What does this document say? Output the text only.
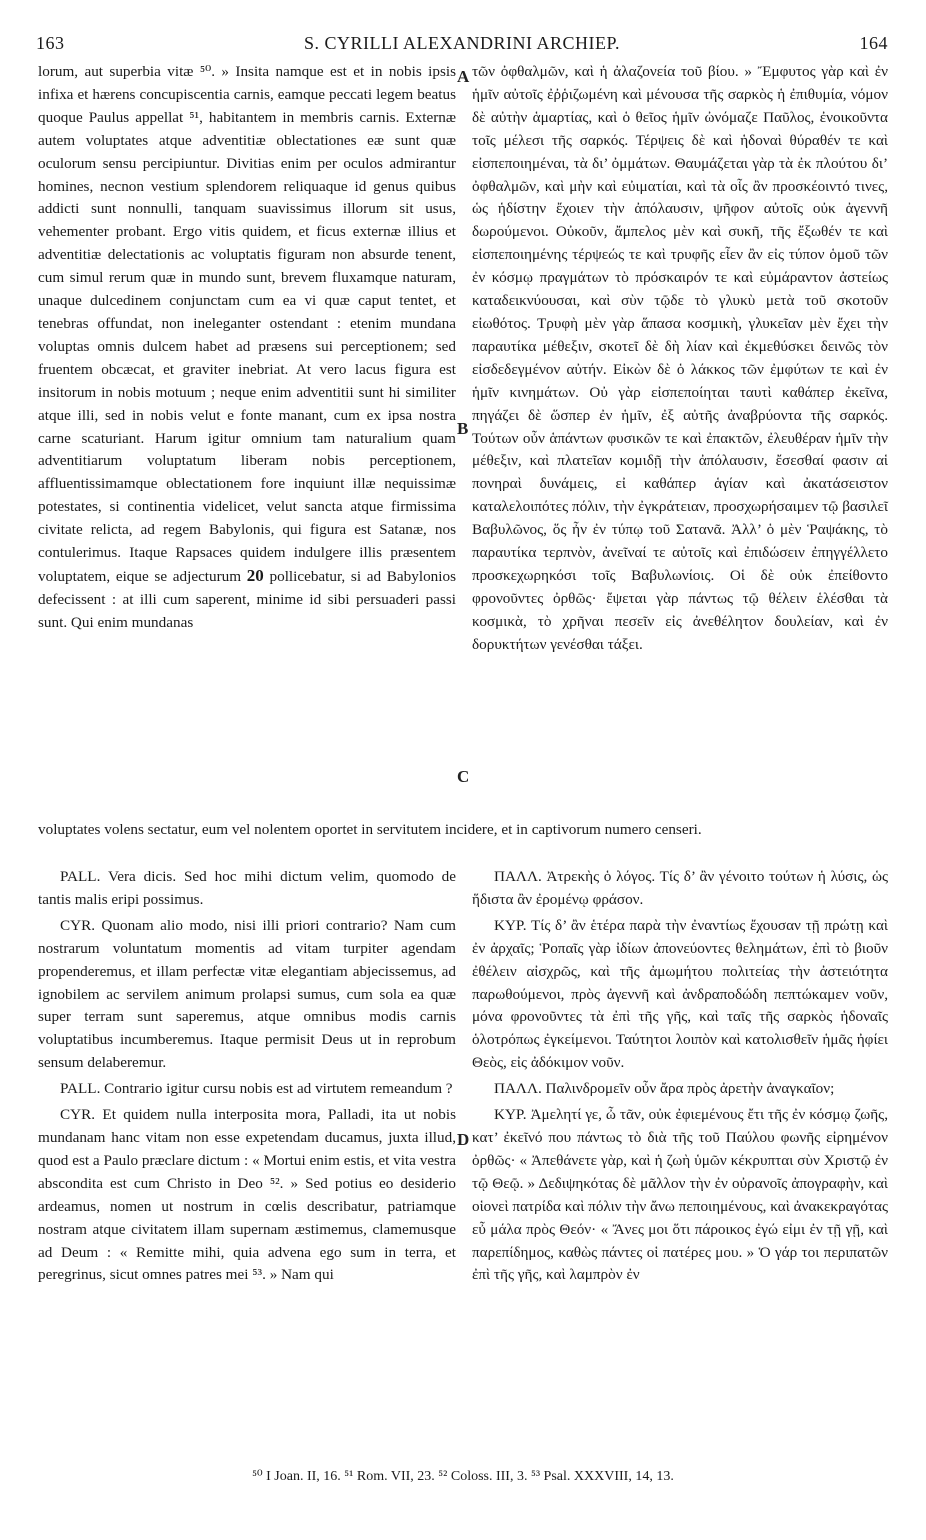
163	S. CYRILLI ALEXANDRINI ARCHIEP.	164

lorum, aut superbia vitæ ⁵⁰. » Insita namque est et in nobis ipsis infixa et hærens concupiscentia carnis, eamque peccati legem beatus quoque Paulus appellat ⁵¹, habitantem in membris carnis. Externæ autem voluptates atque adventitiæ oblectationes eæ sunt quæ oculorum sensu percipiuntur. Divitias enim per oculos admirantur homines, necnon vestium splendorem reliquaque id genus quibus addicti sunt nonnulli, tanquam suavissimus illorum sit usus, vehementer probant. Ergo vitis quidem, et ficus externæ illius et adventitiæ delectationis ac voluptatis figuram non absurde tenent, cum simul rerum quæ in mundo sunt, brevem fluxamque naturam, unaque dulcedinem conjunctam cum ea vi quæ caput tentet, et tenebras offundat, non ineleganter ostendant : etenim mundana voluptas omnis dulcem habet ad præsens sui perceptionem; sed fruentem obcæcat, et graviter inebriat. At vero lacus figura est insitorum in nobis motuum ; neque enim adventitii sunt hi similiter atque illi, sed in nobis velut e fonte manant, cum ex ipsa nostra carne scaturiant. Harum igitur omnium tam naturalium quam adventitiarum voluptatum liberam nobis perceptionem, affluentissimamque oblectationem fore inquiunt illæ nequissimæ potestates, si continentia videlicet, velut sancta atque firmissima civitate relicta, ad regem Babylonis, qui figura est Satanæ, nos contulerimus. Itaque Rapsaces quidem indulgere illis præsentem voluptatem, eique se adjecturum 20 pollicebatur, si ad Babylonios defecissent : at illi cum saperent, minime id sibi persuaderi passi sunt. Qui enim mundanas

τῶν ὀφθαλμῶν, καὶ ἡ ἀλαζονεία τοῦ βίου. » Ἔμφυτος γὰρ καὶ ἐν ἡμῖν αὐτοῖς ἐῤῥιζωμένη καὶ μένουσα τῆς σαρκὸς ἡ ἐπιθυμία, νόμον δὲ αὐτὴν ἁμαρτίας, καὶ ὁ θεῖος ἡμῖν ὠνόμαζε Παῦλος, ἐνοικοῦντα τοῖς μέλεσι τῆς σαρκός. Τέρψεις δὲ καὶ ἡδοναὶ θύραθέν τε καὶ εἰσπεποιημέναι, τὰ δι’ ὀμμάτων. Θαυμάζεται γὰρ τὰ ἐκ πλούτου δι’ ὀφθαλμῶν, καὶ μὴν καὶ εὐιματίαι, καὶ τὰ οἷς ἂν προσκέοιντό τινες, ὡς ἡδίστην ἔχοιεν τὴν ἀπόλαυσιν, ψῆφον αὐτοῖς οὐκ ἀγεννῆ δωρούμενοι. Οὐκοῦν, ἄμπελος μὲν καὶ συκῆ, τῆς ἔξωθέν τε καὶ εἰσπεποιημένης τέρψεώς τε καὶ τρυφῆς εἶεν ἂν εἰς τύπον ὁμοῦ τῶν ἐν κόσμῳ πραγμάτων τὸ πρόσκαιρόν τε καὶ εὐμάραντον ἀστείως καταδεικνύουσαι, καὶ σὺν τῷδε τὸ γλυκὺ μετὰ τοῦ σκοτοῦν εἰωθότος. Τρυφὴ μὲν γὰρ ἅπασα κοσμικὴ, γλυκεῖαν μὲν ἔχει τὴν παραυτίκα μέθεξιν, σκοτεῖ δὲ δὴ λίαν καὶ ἐκμεθύσκει δεινῶς τὸν εἰσδεδεγμένον αὐτήν. Εἰκὼν δὲ ὁ λάκκος τῶν ἐμφύτων τε καὶ ἐν ἡμῖν κινημάτων. Οὐ γὰρ εἰσπεποίηται ταυτὶ καθάπερ ἐκεῖνα, πηγάζει δὲ ὥσπερ ἐν ἡμῖν, ἐξ αὐτῆς ἀναβρύοντα τῆς σαρκός. Τούτων οὖν ἁπάντων φυσικῶν τε καὶ ἐπακτῶν, ἐλευθέραν ἡμῖν τὴν μέθεξιν, καὶ πλατεῖαν κομιδῇ τὴν ἀπόλαυσιν, ἔσεσθαί φασιν αἱ πονηραὶ δυνάμεις, εἰ καθάπερ ἁγίαν καὶ ἀκατάσειστον καταλελοιπότες πόλιν, τὴν ἐγκράτειαν, προσχωρήσαιμεν τῷ βασιλεῖ Βαβυλῶνος, ὅς ἦν ἐν τύπῳ τοῦ Σατανᾶ. Ἀλλ’ ὁ μὲν Ῥαψάκης, τὸ παραυτίκα τερπνὸν, ἀνεῖναί τε αὐτοῖς καὶ ἐπιδώσειν ἐπηγγέλλετο προσκεχωρηκόσι τοῖς Βαβυλωνίοις. Οἱ δὲ οὐκ ἐπείθοντο φρονοῦντες ὀρθῶς· ἔψεται γὰρ πάντως τῷ θέλειν ἑλέσθαι τὰ κοσμικὰ, τὸ χρῆναι πεσεῖν εἰς ἀνεθέλητον δουλείαν, καὶ ἐν δορυκτήτων γενέσθαι τάξει.

voluptates volens sectatur, eum vel nolentem oportet in servitutem incidere, et in captivorum numero censeri.

PALL. Vera dicis. Sed hoc mihi dictum velim, quomodo de tantis malis eripi possimus.

CYR. Quonam alio modo, nisi illi priori contrario? Nam cum nostrarum voluntatum momentis ad vitam turpiter agendam propenderemus, et illam perfectæ vitæ elegantiam abjecissemus, ad ignobilem ac servilem animum prolapsi sumus, cum sola ea quæ super terram sunt saperemus, atque omnibus modis carnis voluptatibus incumberemus. Itaque permisit Deus ut in reprobum sensum delaberemur.

PALL. Contrario igitur cursu nobis est ad virtutem remeandum ?

CYR. Et quidem nulla interposita mora, Palladi, ita ut nobis mundanam hanc vitam non esse expetendam ducamus, juxta illud, quod est a Paulo præclare dictum : « Mortui enim estis, et vita vestra abscondita est cum Christo in Deo ⁵². » Sed potius eo desiderio ardeamus, nomen ut nostrum in cœlis describatur, patriamque nostram atque civitatem illam supernam æstimemus, clamemusque ad Deum : « Remitte mihi, quia advena ego sum in terra, et peregrinus, sicut omnes patres mei ⁵³. » Nam qui

ΠΑΛΛ. Ἀτρεκὴς ὁ λόγος. Τίς δ’ ἂν γένοιτο τούτων ἡ λύσις, ὡς ἥδιστα ἂν ἐρομένῳ φράσον.

ΚΥΡ. Τίς δ’ ἂν ἑτέρα παρὰ τὴν ἐναντίως ἔχουσαν τῇ πρώτῃ καὶ ἐν ἀρχαῖς; Ῥοπαῖς γὰρ ἰδίων ἀπονεύοντες θελημάτων, ἐπὶ τὸ βιοῦν ἐθέλειν αἰσχρῶς, καὶ τῆς ἀμωμήτου πολιτείας τὴν ἀστειότητα παρωθούμενοι, πρὸς ἀγεννῆ καὶ ἀνδραποδώδη πεπτώκαμεν νοῦν, μόνα φρονοῦντες τὰ ἐπὶ τῆς γῆς, καὶ ταῖς τῆς σαρκὸς ἡδοναῖς ὁλοτρόπως ἐγκείμενοι. Ταύτητοι λοιπὸν καὶ κατολισθεῖν ἡμᾶς ἠφίει Θεὸς, εἰς ἀδόκιμον νοῦν.

ΠΑΛΛ. Παλινδρομεῖν οὖν ἄρα πρὸς ἀρετὴν ἀναγκαῖον;

ΚΥΡ. Ἀμελητί γε, ὦ τᾶν, οὐκ ἐφιεμένους ἔτι τῆς ἐν κόσμῳ ζωῆς, κατ’ ἐκεῖνό που πάντως τὸ διὰ τῆς τοῦ Παύλου φωνῆς εἰρημένον ὀρθῶς· « Ἀπεθάνετε γὰρ, καὶ ἡ ζωὴ ὑμῶν κέκρυπται σὺν Χριστῷ ἐν τῷ Θεῷ. » Δεδιψηκότας δὲ μᾶλλον τὴν ἐν οὐρανοῖς ἀπογραφὴν, καὶ οἱονεὶ πατρίδα καὶ πόλιν τὴν ἄνω πεποιημένους, καὶ ἀνακεκραγότας εὖ μάλα πρὸς Θεόν· « Ἄνες μοι ὅτι πάροικος ἐγώ εἰμι ἐν τῇ γῇ, καὶ παρεπίδημος, καθὼς πάντες οἱ πατέρες μου. » Ὁ γάρ τοι περιπατῶν ἐπὶ τῆς γῆς, καὶ λαμπρὸν ἐν

A
B
C
D
⁵⁰ I Joan. II, 16. ⁵¹ Rom. VII, 23. ⁵² Coloss. III, 3. ⁵³ Psal. XXXVIII, 14, 13.
